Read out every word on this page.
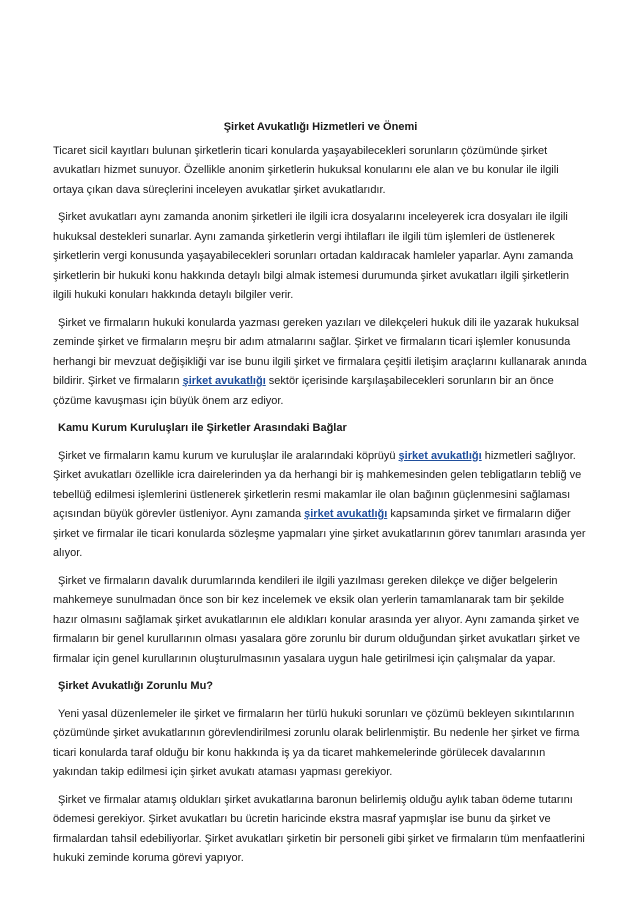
Şirket Avukatlığı Hizmetleri ve Önemi

Ticaret sicil kayıtları bulunan şirketlerin ticari konularda yaşayabilecekleri sorunların çözümünde şirket avukatları hizmet sunuyor. Özellikle anonim şirketlerin hukuksal konularını ele alan ve bu konular ile ilgili ortaya çıkan dava süreçlerini inceleyen avukatlar şirket avukatlarıdır.

Şirket avukatları aynı zamanda anonim şirketleri ile ilgili icra dosyalarını inceleyerek icra dosyaları ile ilgili hukuksal destekleri sunarlar. Aynı zamanda şirketlerin vergi ihtilafları ile ilgili tüm işlemleri de üstlenerek şirketlerin vergi konusunda yaşayabilecekleri sorunları ortadan kaldıracak hamleler yaparlar. Aynı zamanda şirketlerin bir hukuki konu hakkında detaylı bilgi almak istemesi durumunda şirket avukatları ilgili şirketlerin ilgili hukuki konuları hakkında detaylı bilgiler verir.

Şirket ve firmaların hukuki konularda yazması gereken yazıları ve dilekçeleri hukuk dili ile yazarak hukuksal zeminde şirket ve firmaların meşru bir adım atmalarını sağlar. Şirket ve firmaların ticari işlemler konusunda herhangi bir mevzuat değişikliği var ise bunu ilgili şirket ve firmalara çeşitli iletişim araçlarını kullanarak anında bildirir. Şirket ve firmaların şirket avukatlığı sektör içerisinde karşılaşabilecekleri sorunların bir an önce çözüme kavuşması için büyük önem arz ediyor.

Kamu Kurum Kuruluşları ile Şirketler Arasındaki Bağlar

Şirket ve firmaların kamu kurum ve kuruluşlar ile aralarındaki köprüyü şirket avukatlığı hizmetleri sağlıyor. Şirket avukatları özellikle icra dairelerinden ya da herhangi bir iş mahkemesinden gelen tebligatların tebliğ ve tebellüğ edilmesi işlemlerini üstlenerek şirketlerin resmi makamlar ile olan bağının güçlenmesini sağlaması açısından büyük görevler üstleniyor. Aynı zamanda şirket avukatlığı kapsamında şirket ve firmaların diğer şirket ve firmalar ile ticari konularda sözleşme yapmaları yine şirket avukatlarının görev tanımları arasında yer alıyor.

Şirket ve firmaların davalık durumlarında kendileri ile ilgili yazılması gereken dilekçe ve diğer belgelerin mahkemeye sunulmadan önce son bir kez incelemek ve eksik olan yerlerin tamamlanarak tam bir şekilde hazır olmasını sağlamak şirket avukatlarının ele aldıkları konular arasında yer alıyor. Aynı zamanda şirket ve firmaların bir genel kurullarının olması yasalara göre zorunlu bir durum olduğundan şirket avukatları şirket ve firmalar için genel kurullarının oluşturulmasının yasalara uygun hale getirilmesi için çalışmalar da yapar.

Şirket Avukatlığı Zorunlu Mu?

Yeni yasal düzenlemeler ile şirket ve firmaların her türlü hukuki sorunları ve çözümü bekleyen sıkıntılarının çözümünde şirket avukatlarının görevlendirilmesi zorunlu olarak belirlenmiştir. Bu nedenle her şirket ve firma ticari konularda taraf olduğu bir konu hakkında iş ya da ticaret mahkemelerinde görülecek davalarının yakından takip edilmesi için şirket avukatı ataması yapması gerekiyor.

Şirket ve firmalar atamış oldukları şirket avukatlarına baronun belirlemiş olduğu aylık taban ödeme tutarını ödemesi gerekiyor. Şirket avukatları bu ücretin haricinde ekstra masraf yapmışlar ise bunu da şirket ve firmalardan tahsil edebiliyorlar. Şirket avukatları şirketin bir personeli gibi şirket ve firmaların tüm menfaatlerini hukuki zeminde koruma görevi yapıyor.
